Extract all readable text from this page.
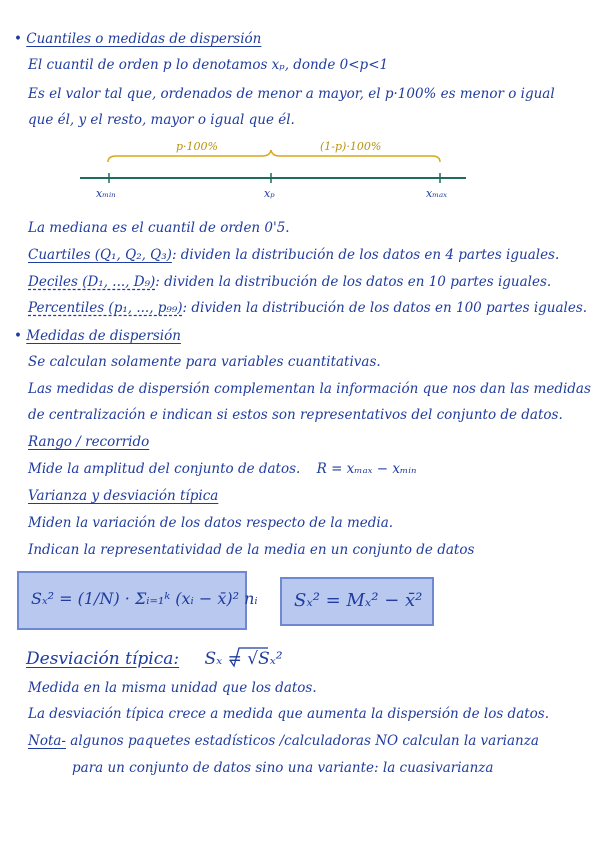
• Cuantiles o medidas de dispersión
El cuantil de orden p lo denotamos xₚ, donde 0<p<1
Es el valor tal que, ordenados de menor a mayor, el p·100% es menor o igual
que él, y el resto, mayor o igual que él.
p·100%	(1-p)·100%
xₘᵢₙ	xₚ	xₘₐₓ
La mediana es el cuantil de orden 0'5.
Cuartiles (Q₁, Q₂, Q₃): dividen la distribución de los datos en 4 partes iguales.
Deciles (D₁, ..., D₉): dividen la distribución de los datos en 10 partes iguales.
Percentiles (p₁, ..., p₉₉): dividen la distribución de los datos en 100 partes iguales.
• Medidas de dispersión
Se calculan solamente para variables cuantitativas.
Las medidas de dispersión complementan la información que nos dan las medidas
de centralización e indican si estos son representativos del conjunto de datos.
Rango / recorrido
Mide la amplitud del conjunto de datos. R = xₘₐₓ − xₘᵢₙ
Varianza y desviación típica
Miden la variación de los datos respecto de la media.
Indican la representatividad de la media en un conjunto de datos
Sₓ² = (1/N) · Σᵢ₌₁ᵏ (xᵢ − x̄)² nᵢ Sₓ² = Mₓ² − x̄²
Desviación típica: Sₓ = √Sₓ²
Medida en la misma unidad que los datos.
La desviación típica crece a medida que aumenta la dispersión de los datos.
Nota- algunos paquetes estadísticos /calculadoras NO calculan la varianza
para un conjunto de datos sino una variante: la cuasivarianza
